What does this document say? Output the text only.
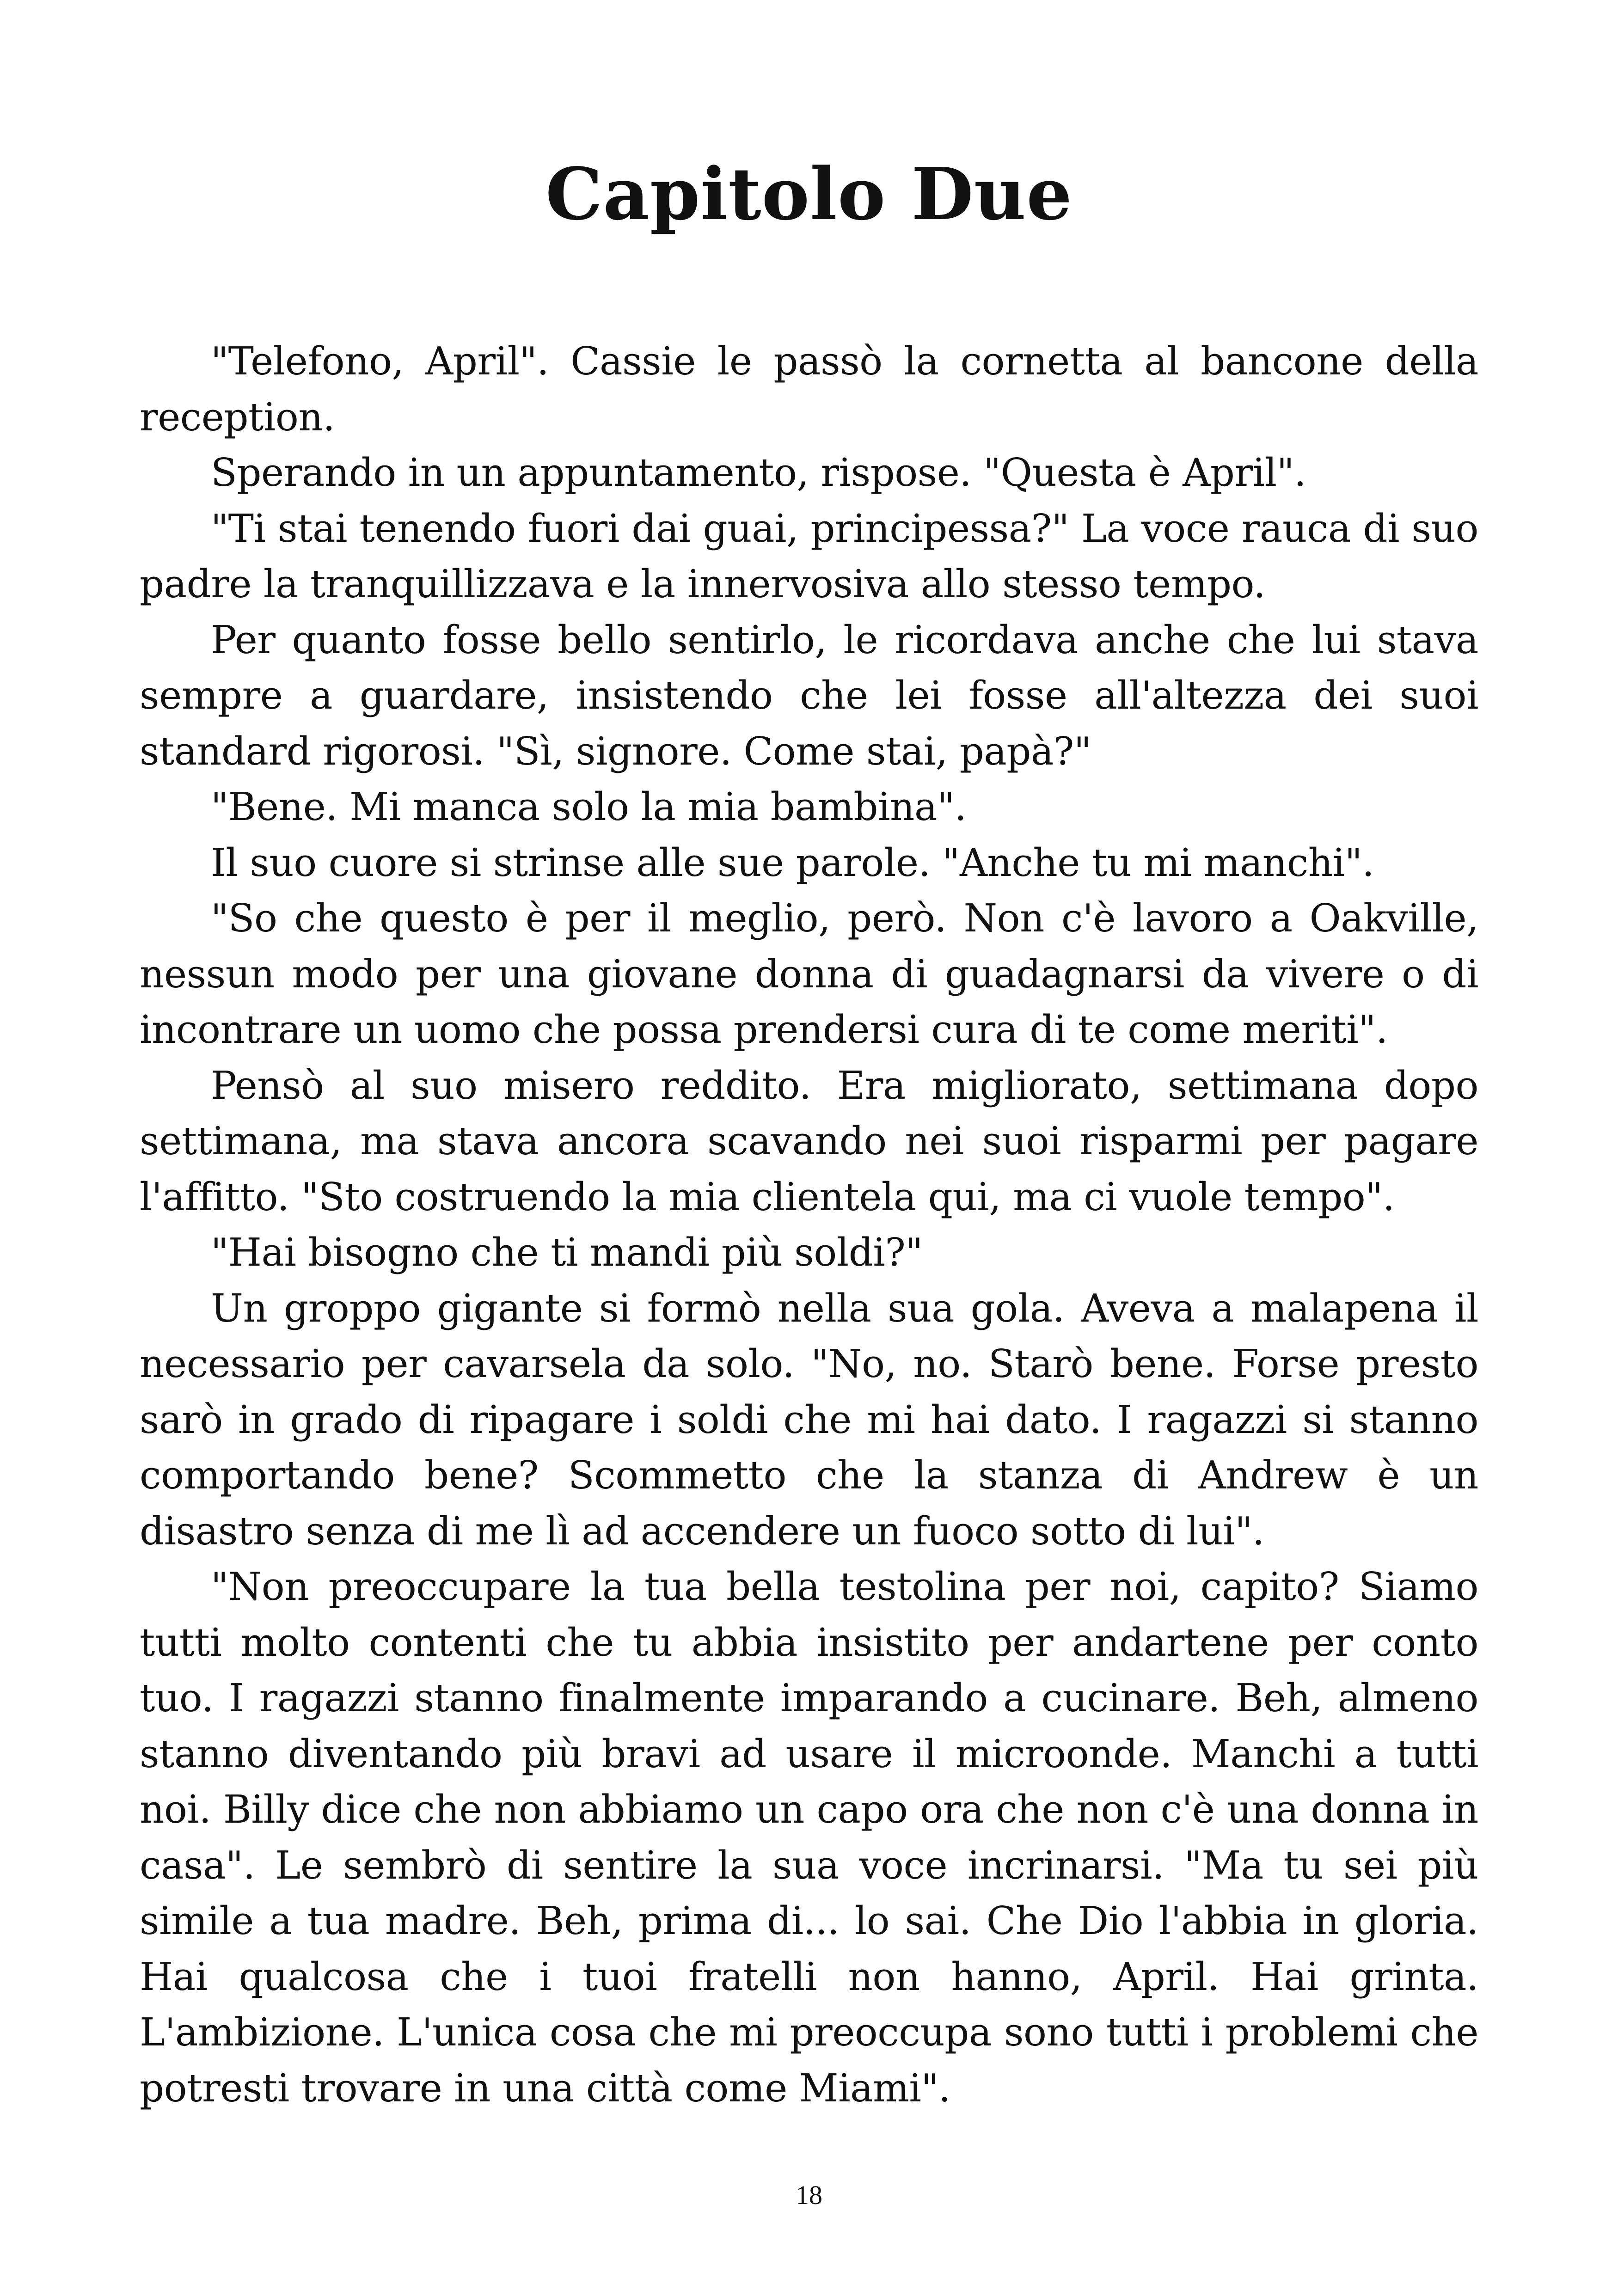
Capitolo Due

"Telefono, April". Cassie le passò la cornetta al bancone della reception.

Sperando in un appuntamento, rispose. "Questa è April".

"Ti stai tenendo fuori dai guai, principessa?" La voce rauca di suo padre la tranquillizzava e la innervosiva allo stesso tempo.

Per quanto fosse bello sentirlo, le ricordava anche che lui stava sempre a guardare, insistendo che lei fosse all'altezza dei suoi standard rigorosi. "Sì, signore. Come stai, papà?"

"Bene. Mi manca solo la mia bambina".

Il suo cuore si strinse alle sue parole. "Anche tu mi manchi".

"So che questo è per il meglio, però. Non c'è lavoro a Oakville, nessun modo per una giovane donna di guadagnarsi da vivere o di incontrare un uomo che possa prendersi cura di te come meriti".

Pensò al suo misero reddito. Era migliorato, settimana dopo settimana, ma stava ancora scavando nei suoi risparmi per pagare l'affitto. "Sto costruendo la mia clientela qui, ma ci vuole tempo".

"Hai bisogno che ti mandi più soldi?"

Un groppo gigante si formò nella sua gola. Aveva a malapena il necessario per cavarsela da solo. "No, no. Starò bene. Forse presto sarò in grado di ripagare i soldi che mi hai dato. I ragazzi si stanno comportando bene? Scommetto che la stanza di Andrew è un disastro senza di me lì ad accendere un fuoco sotto di lui".

"Non preoccupare la tua bella testolina per noi, capito? Siamo tutti molto contenti che tu abbia insistito per andartene per conto tuo. I ragazzi stanno finalmente imparando a cucinare. Beh, almeno stanno diventando più bravi ad usare il microonde. Manchi a tutti noi. Billy dice che non abbiamo un capo ora che non c'è una donna in casa". Le sembrò di sentire la sua voce incrinarsi. "Ma tu sei più simile a tua madre. Beh, prima di... lo sai. Che Dio l'abbia in gloria. Hai qualcosa che i tuoi fratelli non hanno, April. Hai grinta. L'ambizione. L'unica cosa che mi preoccupa sono tutti i problemi che potresti trovare in una città come Miami".

18
